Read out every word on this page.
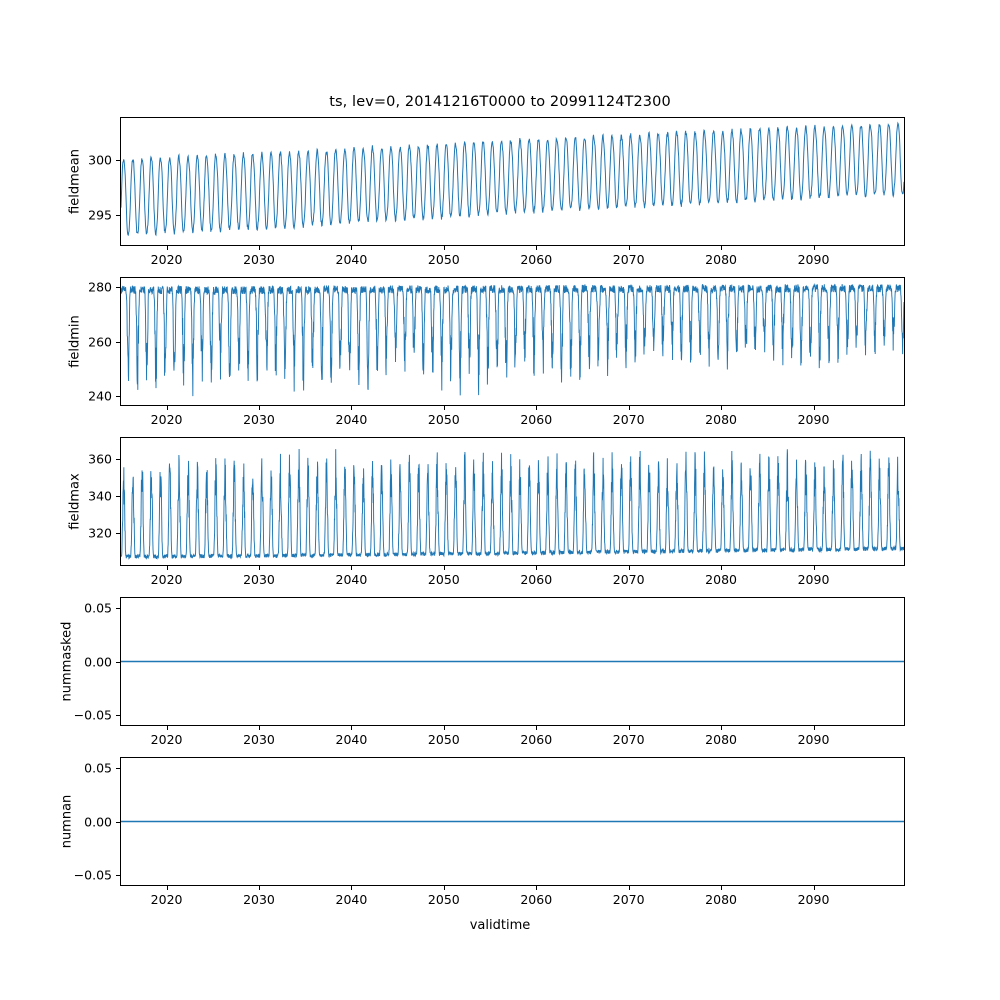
ts, lev=0, 20141216T0000 to 20991124T2300
fieldmean
fieldmin
fieldmax
nummasked
numnan
validtime
295
300
2020	2030	2040	2050	2060	2070	2080	2090
240
260
280
2020	2030	2040	2050	2060	2070	2080	2090
320
340
360
2020	2030	2040	2050	2060	2070	2080	2090
−0.05
0.00
0.05
2020	2030	2040	2050	2060	2070	2080	2090
−0.05
0.00
0.05
2020	2030	2040	2050	2060	2070	2080	2090
